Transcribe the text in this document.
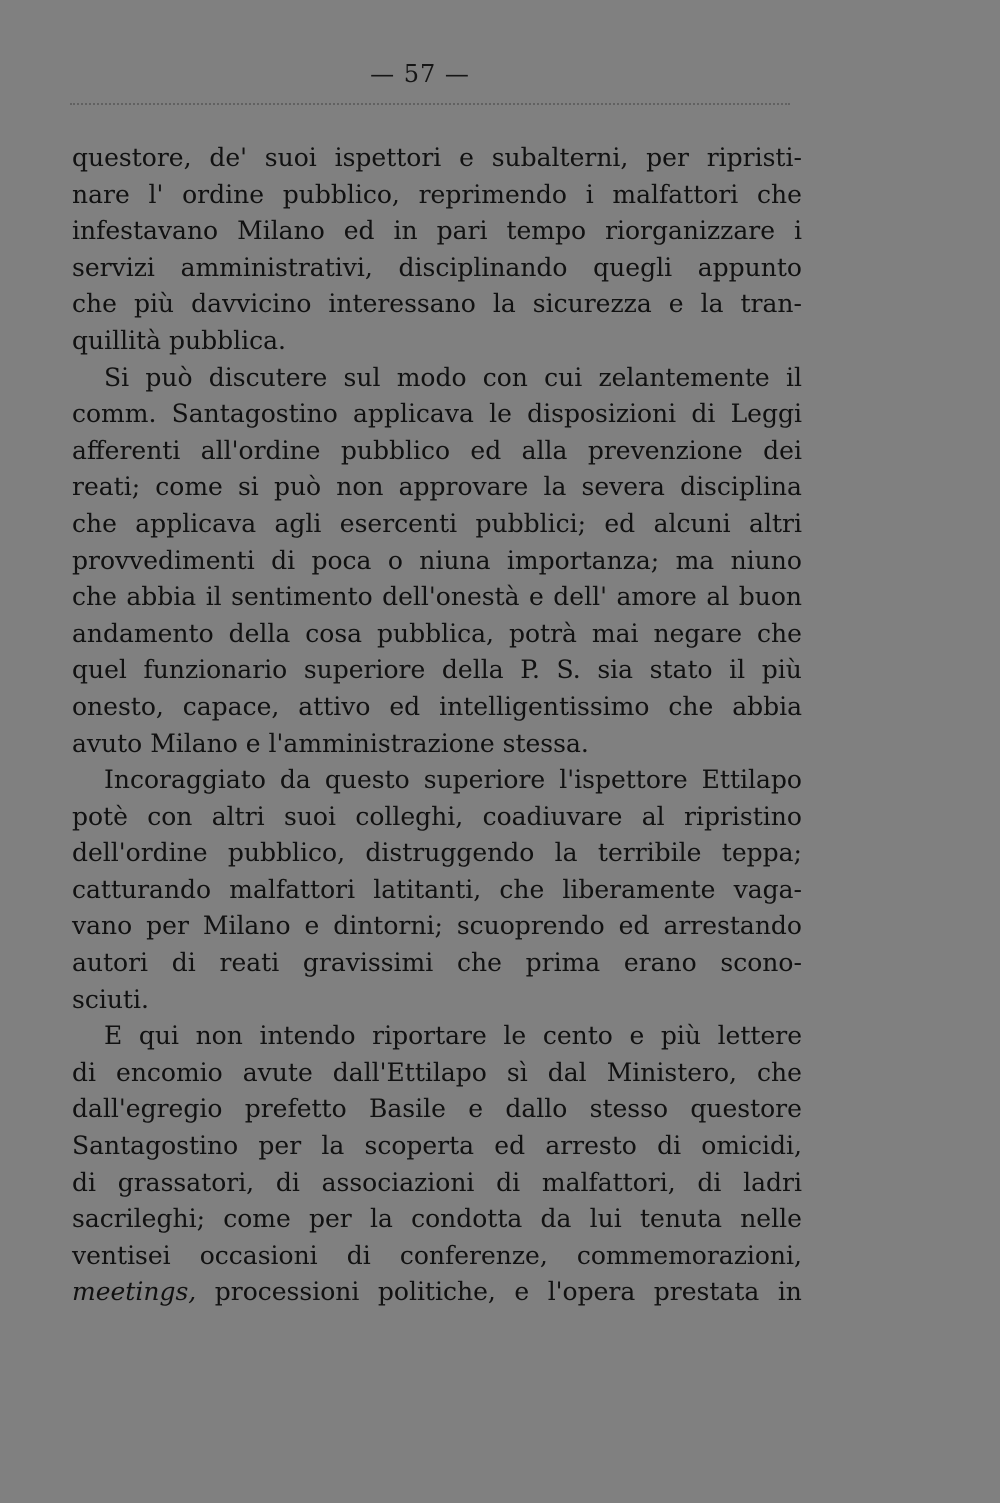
— 57 —
questore, de' suoi ispettori e subalterni, per ripristi-
nare l' ordine pubblico, reprimendo i malfattori che
infestavano Milano ed in pari tempo riorganizzare i
servizi amministrativi, disciplinando quegli appunto
che più davvicino interessano la sicurezza e la tran-
quillità
pubblica.
Si può discutere sul modo con cui zelantemente il
comm. Santagostino applicava le disposizioni di Leggi
afferenti all'ordine pubblico ed alla prevenzione dei
reati; come si può non approvare la severa disciplina
che applicava agli esercenti pubblici; ed alcuni altri
provvedimenti di poca o niuna importanza; ma niuno
che abbia il sentimento dell'onestà e dell' amore al buon
andamento della cosa pubblica, potrà mai negare che
quel funzionario superiore della P. S. sia stato il più
onesto, capace, attivo ed intelligentissimo che abbia
avuto
Milano
e
l'amministrazione
stessa.
Incoraggiato da questo superiore l'ispettore Ettilapo
potè con altri suoi colleghi, coadiuvare al ripristino
dell'ordine pubblico, distruggendo la terribile teppa;
catturando malfattori latitanti, che liberamente vaga-
vano per Milano e dintorni; scuoprendo ed arrestando
autori di reati gravissimi che prima erano scono-
sciuti.
E qui non intendo riportare le cento e più lettere
di encomio avute dall'Ettilapo sì dal Ministero, che
dall'egregio prefetto Basile e dallo stesso questore
Santagostino per la scoperta ed arresto di omicidi,
di grassatori, di associazioni di malfattori, di ladri
sacrileghi; come per la condotta da lui tenuta nelle
ventisei occasioni di conferenze, commemorazioni,
meetings, processioni politiche, e l'opera prestata in
